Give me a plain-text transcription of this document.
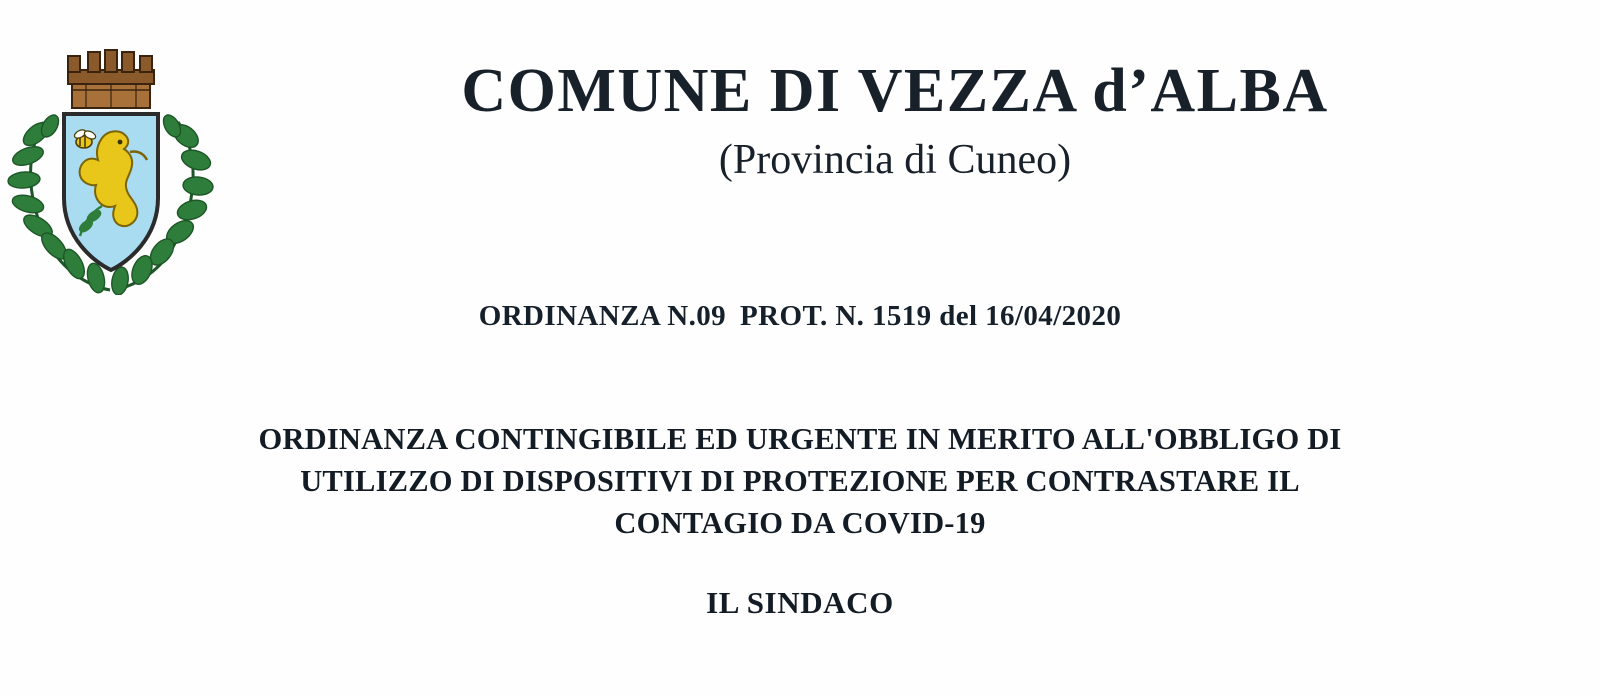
COMUNE DI VEZZA d’ALBA
(Provincia di Cuneo)
ORDINANZA N.09 PROT. N. 1519 del 16/04/2020
ORDINANZA CONTINGIBILE ED URGENTE IN MERITO ALL'OBBLIGO DI
UTILIZZO DI DISPOSITIVI DI PROTEZIONE PER CONTRASTARE IL
CONTAGIO DA COVID-19
IL SINDACO
